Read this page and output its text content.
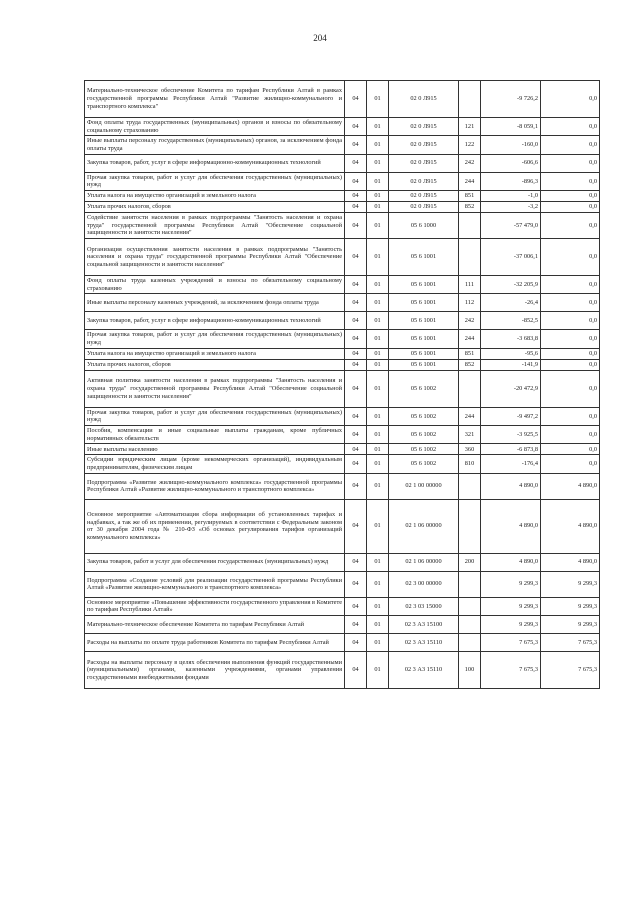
204
Материально-техническое обеспечение Комитета по тарифам Республики Алтай в рамках государственной программы Республики Алтай "Развитие жилищно-коммунального и транспортного комплекса"	04	01	02 0 Л915		-9 726,2	0,0
Фонд оплаты труда государственных (муниципальных) органов и взносы по обязательному социальному страхованию	04	01	02 0 Л915	121	-8 059,1	0,0
Иные выплаты персоналу государственных (муниципальных) органов, за исключением фонда оплаты труда	04	01	02 0 Л915	122	-160,0	0,0
Закупка товаров, работ, услуг в сфере информационно-коммуникационных технологий	04	01	02 0 Л915	242	-606,6	0,0
Прочая закупка товаров, работ и услуг для обеспечения государственных (муниципальных) нужд	04	01	02 0 Л915	244	-896,3	0,0
Уплата налога на имущество организаций и земельного налога	04	01	02 0 Л915	851	-1,0	0,0
Уплата прочих налогов, сборов	04	01	02 0 Л915	852	-3,2	0,0
Содействие занятости населения в рамках подпрограммы "Занятость населения и охрана труда" государственной программы Республики Алтай "Обеспечение социальной защищенности и занятости населения"	04	01	05 6 1000		-57 479,0	0,0
Организация осуществления занятости населения в рамках подпрограммы "Занятость населения и охрана труда" государственной программы Республики Алтай "Обеспечение социальной защищенности и занятости населения"	04	01	05 6 1001		-37 006,1	0,0
Фонд оплаты труда казенных учреждений и взносы по обязательному социальному страхованию	04	01	05 6 1001	111	-32 205,9	0,0
Иные выплаты персоналу казенных учреждений, за исключением фонда оплаты труда	04	01	05 6 1001	112	-26,4	0,0
Закупка товаров, работ, услуг в сфере информационно-коммуникационных технологий	04	01	05 6 1001	242	-852,5	0,0
Прочая закупка товаров, работ и услуг для обеспечения государственных (муниципальных) нужд	04	01	05 6 1001	244	-3 683,8	0,0
Уплата налога на имущество организаций и земельного налога	04	01	05 6 1001	851	-95,6	0,0
Уплата прочих налогов, сборов	04	01	05 6 1001	852	-141,9	0,0
Активная политика занятости населения в рамках подпрограммы "Занятость населения и охрана труда" государственной программы Республики Алтай "Обеспечение социальной защищенности и занятости населения"	04	01	05 6 1002		-20 472,9	0,0
Прочая закупка товаров, работ и услуг для обеспечения государственных (муниципальных) нужд	04	01	05 6 1002	244	-9 497,2	0,0
Пособия, компенсации и иные социальные выплаты гражданам, кроме публичных нормативных обязательств	04	01	05 6 1002	321	-3 925,5	0,0
Иные выплаты населению	04	01	05 6 1002	360	-6 873,8	0,0
Субсидии юридическим лицам (кроме некоммерческих организаций), индивидуальным предпринимателям, физическим лицам	04	01	05 6 1002	810	-176,4	0,0
Подпрограмма «Развитие жилищно-коммунального комплекса» государственной программы Республики Алтай «Развитие жилищно-коммунального и транспортного комплекса»	04	01	02 1 00 00000		4 890,0	4 890,0
Основное мероприятие «Автоматизация сбора информации об установленных тарифах и надбавках, а так же об их применении, регулируемых в соответствии с Федеральным законом от 30 декабря 2004 года № 210-ФЗ «Об основах регулирования тарифов организаций коммунального комплекса»	04	01	02 1 06 00000		4 890,0	4 890,0
Закупка товаров, работ и услуг для обеспечения государственных (муниципальных) нужд	04	01	02 1 06 00000	200	4 890,0	4 890,0
Подпрограмма «Создание условий для реализации государственной программы Республики Алтай «Развитие жилищно-коммунального и транспортного комплекса»	04	01	02 3 00 00000		9 299,3	9 299,3
Основное мероприятие «Повышение эффективности государственного управления в Комитете по тарифам Республики Алтай»	04	01	02 3 03 15000		9 299,3	9 299,3
Материально-техническое обеспечение Комитета по тарифам Республики Алтай	04	01	02 3 А3 15100		9 299,3	9 299,3
Расходы на выплаты по оплате труда работников Комитета по тарифам Республики Алтай	04	01	02 3 А3 15110		7 675,3	7 675,3
Расходы на выплаты персоналу в целях обеспечения выполнения функций государственными (муниципальными) органами, казенными учреждениями, органами управления государственными внебюджетными фондами	04	01	02 3 А3 15110	100	7 675,3	7 675,3
